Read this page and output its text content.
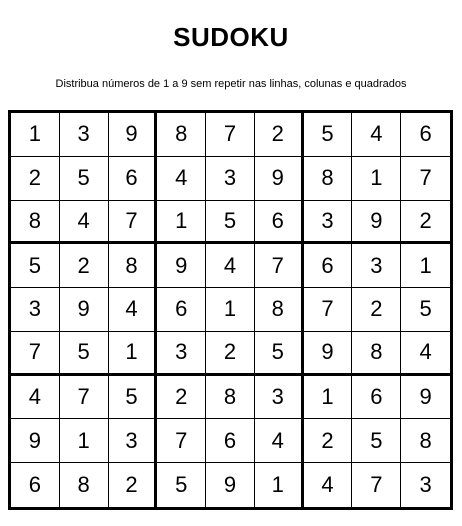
SUDOKU
Distribua números de 1 a 9 sem repetir nas linhas, colunas e quadrados
1	3	9	8	7	2	5	4	6
2	5	6	4	3	9	8	1	7
8	4	7	1	5	6	3	9	2
5	2	8	9	4	7	6	3	1
3	9	4	6	1	8	7	2	5
7	5	1	3	2	5	9	8	4
4	7	5	2	8	3	1	6	9
9	1	3	7	6	4	2	5	8
6	8	2	5	9	1	4	7	3
